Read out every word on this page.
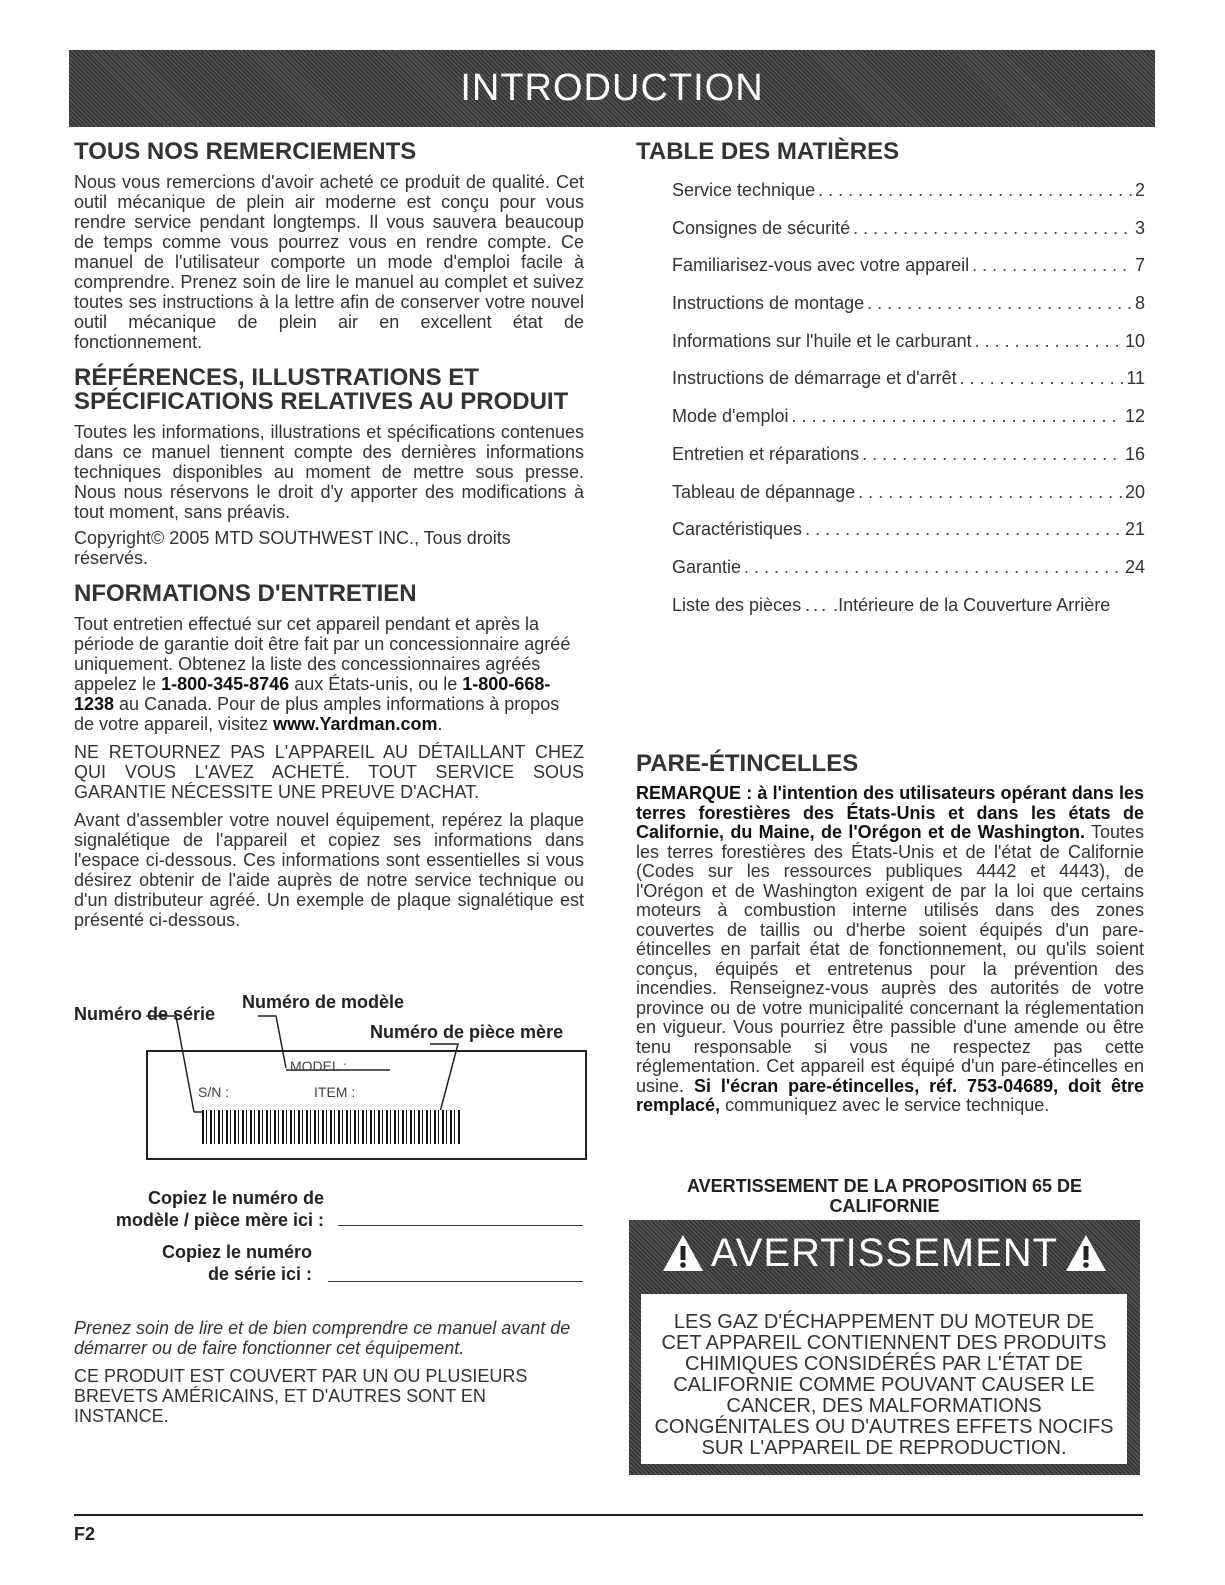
INTRODUCTION
TOUS NOS REMERCIEMENTS

Nous vous remercions d'avoir acheté ce produit de qualité. Cet outil mécanique de plein air moderne est conçu pour vous rendre service pendant longtemps. Il vous sauvera beaucoup de temps comme vous pourrez vous en rendre compte. Ce manuel de l'utilisateur comporte un mode d'emploi facile à comprendre. Prenez soin de lire le manuel au complet et suivez toutes ses instructions à la lettre afin de conserver votre nouvel outil mécanique de plein air en excellent état de fonctionnement.

RÉFÉRENCES, ILLUSTRATIONS ET
SPÉCIFICATIONS RELATIVES AU PRODUIT

Toutes les informations, illustrations et spécifications contenues dans ce manuel tiennent compte des dernières informations techniques disponibles au moment de mettre sous presse. Nous nous réservons le droit d'y apporter des modifications à tout moment, sans préavis.

Copyright© 2005 MTD SOUTHWEST INC., Tous droits réservés.

NFORMATIONS D'ENTRETIEN

Tout entretien effectué sur cet appareil pendant et après la période de garantie doit être fait par un concessionnaire agréé uniquement. Obtenez la liste des concessionnaires agréés appelez le 1-800-345-8746 aux États-unis, ou le 1-800-668-1238 au Canada. Pour de plus amples informations à propos de votre appareil, visitez www.Yardman.com.

NE RETOURNEZ PAS L'APPAREIL AU DÉTAILLANT CHEZ QUI VOUS L'AVEZ ACHETÉ. TOUT SERVICE SOUS GARANTIE NÉCESSITE UNE PREUVE D'ACHAT.

Avant d'assembler votre nouvel équipement, repérez la plaque signalétique de l'appareil et copiez ses informations dans l'espace ci-dessous. Ces informations sont essentielles si vous désirez obtenir de l'aide auprès de notre service technique ou d'un distributeur agréé. Un exemple de plaque signalétique est présenté ci-dessous.

Numéro de série
Numéro de modèle
Numéro de pièce mère
MODEL :
S/N :	ITEM :
Copiez le numéro de
modèle / pièce mère ici :
Copiez le numéro
de série ici :

Prenez soin de lire et de bien comprendre ce manuel avant de démarrer ou de faire fonctionner cet équipement.

CE PRODUIT EST COUVERT PAR UN OU PLUSIEURS BREVETS AMÉRICAINS, ET D'AUTRES SONT EN INSTANCE.

TABLE DES MATIÈRES
Service technique . . .	2
Consignes de sécurité . . .	3
Familiarisez-vous avec votre appareil . . .	7
Instructions de montage . . .	8
Informations sur l'huile et le carburant . . .	10
Instructions de démarrage et d'arrêt . . .	11
Mode d'emploi . . .	12
Entretien et réparations . . .	16
Tableau de dépannage . . .	20
Caractéristiques . . .	21
Garantie . . .	24
Liste des pièces ... .Intérieure de la Couverture Arrière
PARE-ÉTINCELLES

REMARQUE : à l'intention des utilisateurs opérant dans les terres forestières des États-Unis et dans les états de Californie, du Maine, de l'Orégon et de Washington. Toutes les terres forestières des États-Unis et de l'état de Californie (Codes sur les ressources publiques 4442 et 4443), de l'Orégon et de Washington exigent de par la loi que certains moteurs à combustion interne utilisés dans des zones couvertes de taillis ou d'herbe soient équipés d'un pare-étincelles en parfait état de fonctionnement, ou qu'ils soient conçus, équipés et entretenus pour la prévention des incendies. Renseignez-vous auprès des autorités de votre province ou de votre municipalité concernant la réglementation en vigueur. Vous pourriez être passible d'une amende ou être tenu responsable si vous ne respectez pas cette réglementation. Cet appareil est équipé d'un pare-étincelles en usine. Si l'écran pare-étincelles, réf. 753-04689, doit être remplacé, communiquez avec le service technique.

AVERTISSEMENT DE LA PROPOSITION 65 DE
CALIFORNIE
AVERTISSEMENT
LES GAZ D'ÉCHAPPEMENT DU MOTEUR DE
CET APPAREIL CONTIENNENT DES PRODUITS
CHIMIQUES CONSIDÉRÉS PAR L'ÉTAT DE
CALIFORNIE COMME POUVANT CAUSER LE
CANCER, DES MALFORMATIONS
CONGÉNITALES OU D'AUTRES EFFETS NOCIFS
SUR L'APPAREIL DE REPRODUCTION.
F2
